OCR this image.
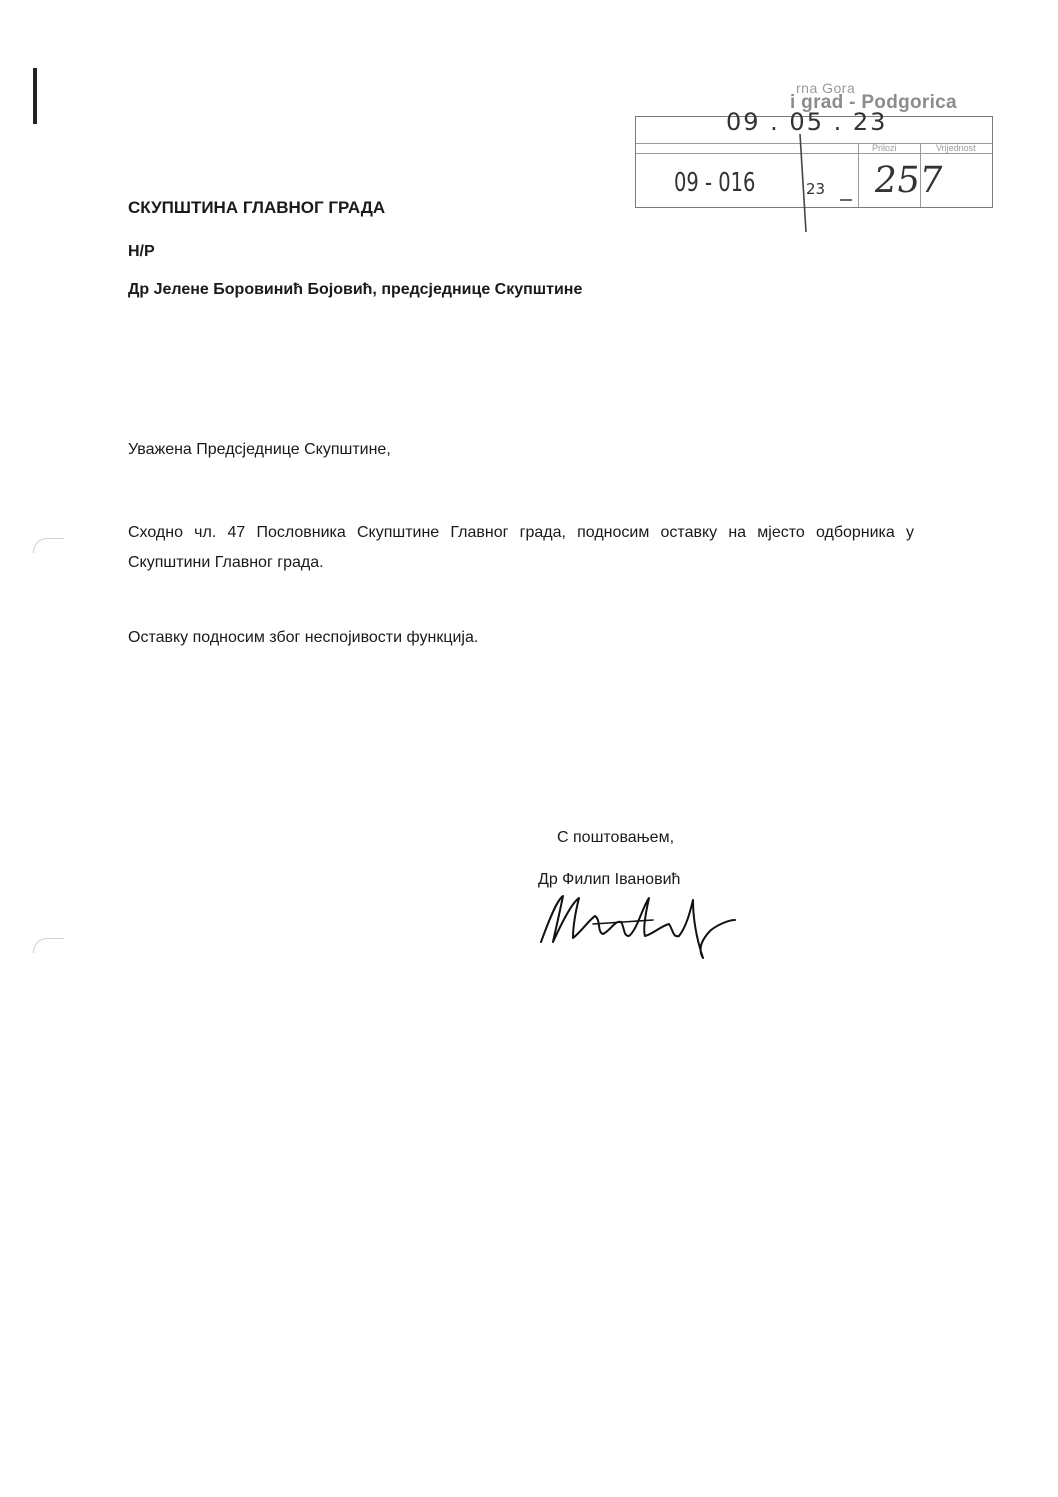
rna Gora
i grad - Podgorica
Prilozi	Vrijednost
09 . 05 . 23
09 - 016	23 257
СКУПШТИНА ГЛАВНОГ ГРАДА
Н/Р
Др Јелене Боровинић Бојовић, предсједнице Скупштине
Уважена Предсједнице Скупштине,
Сходно чл. 47 Пословника Скупштине Главног града, подносим оставку на мјесто одборника у Скупштини Главног града.
Оставку подносим због неспојивости функција.
С поштовањем,
Др Филип Івановић
